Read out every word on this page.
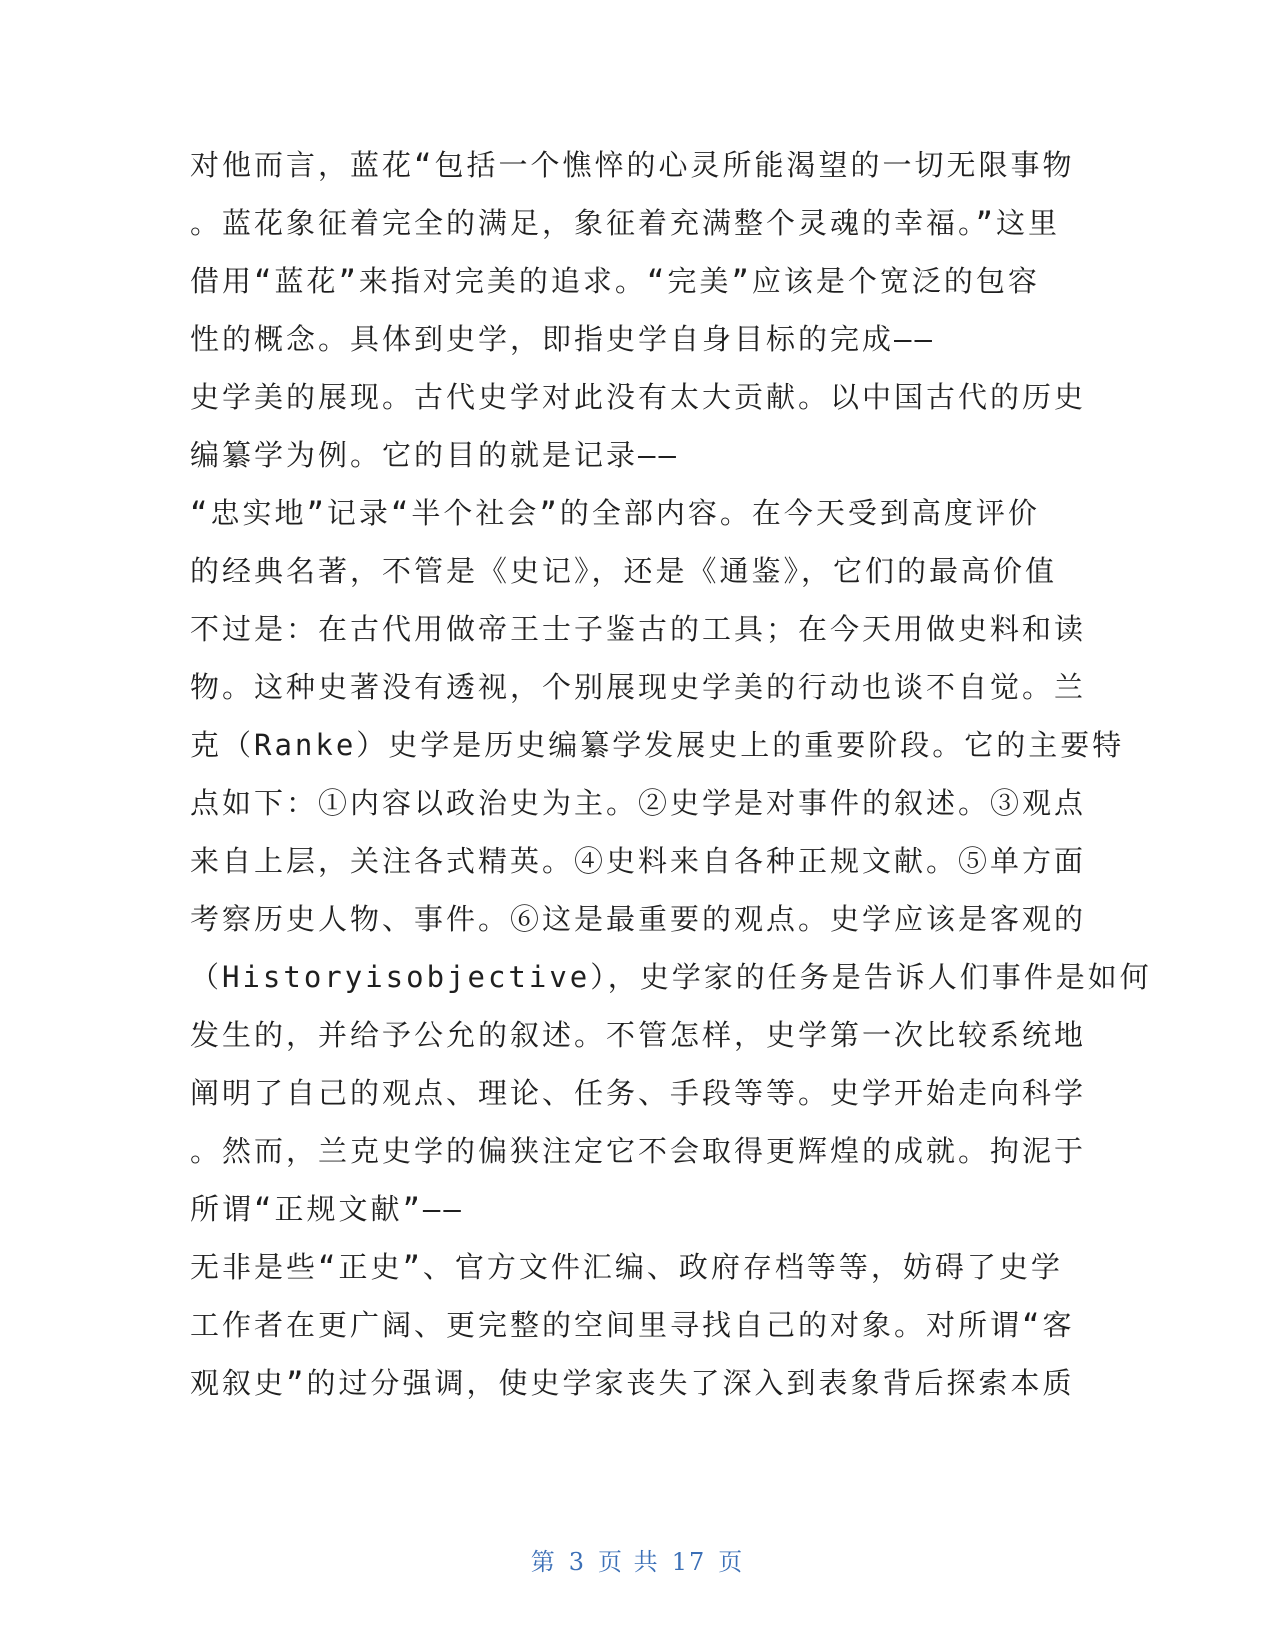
对他而言，蓝花“包括一个憔悴的心灵所能渴望的一切无限事物
。蓝花象征着完全的满足，象征着充满整个灵魂的幸福。”这里
借用“蓝花”来指对完美的追求。“完美”应该是个宽泛的包容
性的概念。具体到史学，即指史学自身目标的完成——
史学美的展现。古代史学对此没有太大贡献。以中国古代的历史
编纂学为例。它的目的就是记录——
“忠实地”记录“半个社会”的全部内容。在今天受到高度评价
的经典名著，不管是《史记》，还是《通鉴》，它们的最高价值
不过是：在古代用做帝王士子鉴古的工具；在今天用做史料和读
物。这种史著没有透视，个别展现史学美的行动也谈不自觉。兰
克（Ranke）史学是历史编纂学发展史上的重要阶段。它的主要特
点如下：①内容以政治史为主。②史学是对事件的叙述。③观点
来自上层，关注各式精英。④史料来自各种正规文献。⑤单方面
考察历史人物、事件。⑥这是最重要的观点。史学应该是客观的
（Historyisobjective），史学家的任务是告诉人们事件是如何
发生的，并给予公允的叙述。不管怎样，史学第一次比较系统地
阐明了自己的观点、理论、任务、手段等等。史学开始走向科学
。然而，兰克史学的偏狭注定它不会取得更辉煌的成就。拘泥于
所谓“正规文献”——
无非是些“正史”、官方文件汇编、政府存档等等，妨碍了史学
工作者在更广阔、更完整的空间里寻找自己的对象。对所谓“客
观叙史”的过分强调，使史学家丧失了深入到表象背后探索本质
第 3 页 共 17 页
